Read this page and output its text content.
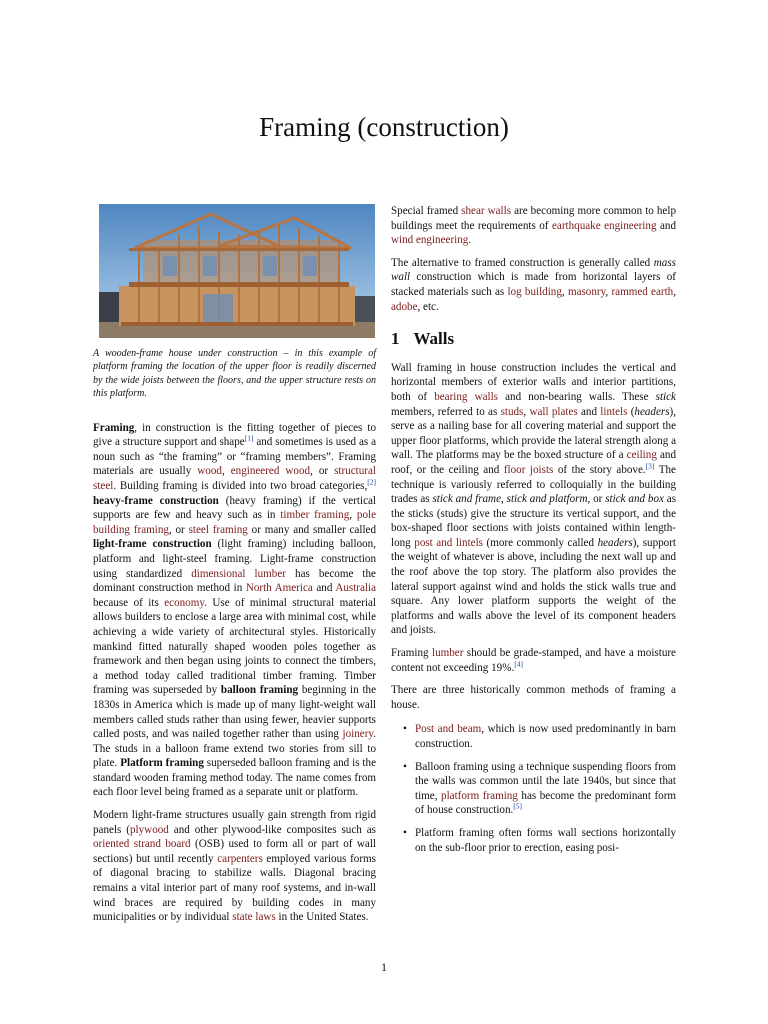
Framing (construction)

A wooden-frame house under construction – in this example of platform framing the location of the upper floor is readily discerned by the wide joists between the floors, and the upper structure rests on this platform.

Framing, in construction is the fitting together of pieces to give a structure support and shape[1] and sometimes is used as a noun such as “the framing” or “framing members”. Framing materials are usually wood, engineered wood, or structural steel. Building framing is divided into two broad categories,[2] heavy-frame construction (heavy framing) if the vertical supports are few and heavy such as in timber framing, pole building framing, or steel framing or many and smaller called light-frame construction (light framing) including balloon, platform and light-steel framing. Light-frame construction using standardized dimensional lumber has become the dominant construction method in North America and Australia because of its economy. Use of minimal structural material allows builders to enclose a large area with minimal cost, while achieving a wide variety of architectural styles. Historically mankind fitted naturally shaped wooden poles together as framework and then began using joints to connect the timbers, a method today called traditional timber framing. Timber framing was superseded by balloon framing beginning in the 1830s in America which is made up of many light-weight wall members called studs rather than using fewer, heavier supports called posts, and was nailed together rather than using joinery. The studs in a balloon frame extend two stories from sill to plate. Platform framing superseded balloon framing and is the standard wooden framing method today. The name comes from each floor level being framed as a separate unit or platform.

Modern light-frame structures usually gain strength from rigid panels (plywood and other plywood-like composites such as oriented strand board (OSB) used to form all or part of wall sections) but until recently carpenters employed various forms of diagonal bracing to stabilize walls. Diagonal bracing remains a vital interior part of many roof systems, and in-wall wind braces are required by building codes in many municipalities or by individual state laws in the United States.

Special framed shear walls are becoming more common to help buildings meet the requirements of earthquake engineering and wind engineering.

The alternative to framed construction is generally called mass wall construction which is made from horizontal layers of stacked materials such as log building, masonry, rammed earth, adobe, etc.

1 Walls

Wall framing in house construction includes the vertical and horizontal members of exterior walls and interior partitions, both of bearing walls and non-bearing walls. These stick members, referred to as studs, wall plates and lintels (headers), serve as a nailing base for all covering material and support the upper floor platforms, which provide the lateral strength along a wall. The platforms may be the boxed structure of a ceiling and roof, or the ceiling and floor joists of the story above.[3] The technique is variously referred to colloquially in the building trades as stick and frame, stick and platform, or stick and box as the sticks (studs) give the structure its vertical support, and the box-shaped floor sections with joists contained within length-long post and lintels (more commonly called headers), support the weight of whatever is above, including the next wall up and the roof above the top story. The platform also provides the lateral support against wind and holds the stick walls true and square. Any lower platform supports the weight of the platforms and walls above the level of its component headers and joists.

Framing lumber should be grade-stamped, and have a moisture content not exceeding 19%.[4]

There are three historically common methods of framing a house.

• Post and beam, which is now used predominantly in barn construction.
• Balloon framing using a technique suspending floors from the walls was common until the late 1940s, but since that time, platform framing has become the predominant form of house construction.[5]
• Platform framing often forms wall sections horizontally on the sub-floor prior to erection, easing posi-
1
